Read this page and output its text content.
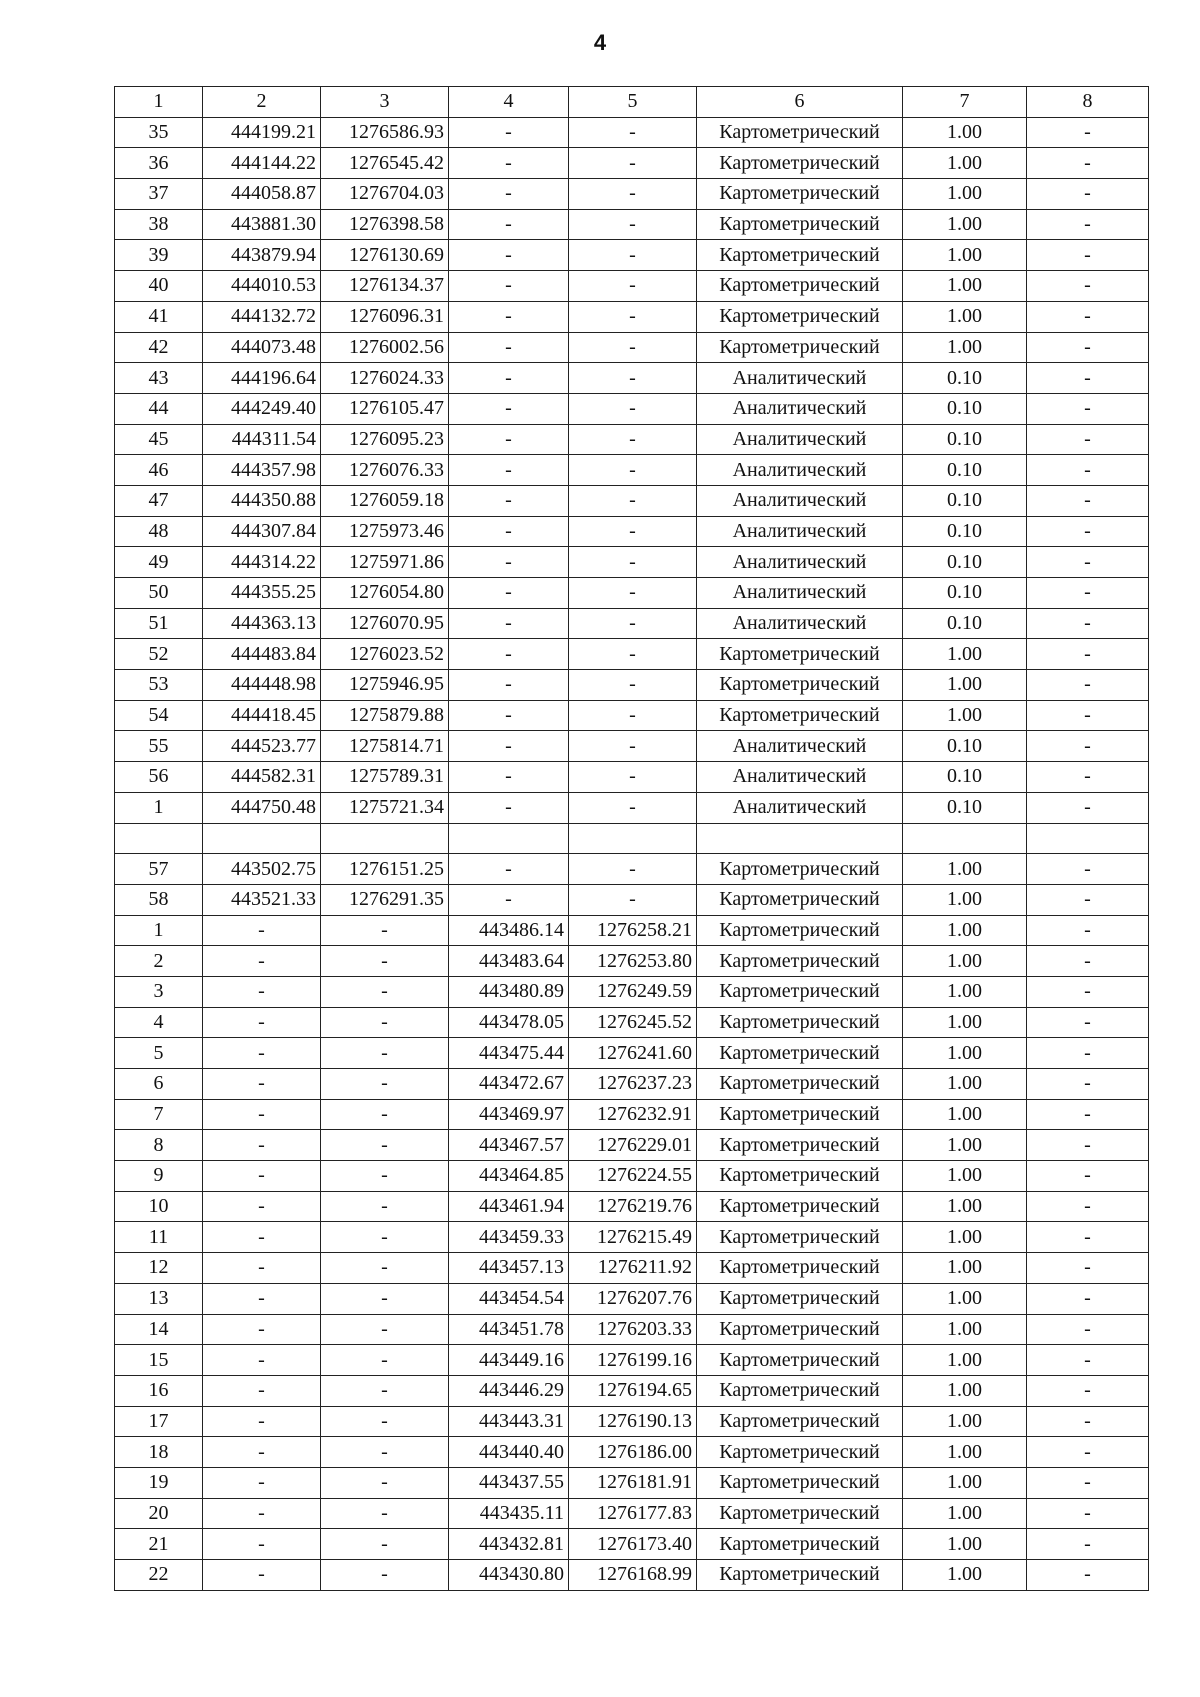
4
1	2	3	4	5	6	7	8
35	444199.21	1276586.93	-	-	Картометрический	1.00	-
36	444144.22	1276545.42	-	-	Картометрический	1.00	-
37	444058.87	1276704.03	-	-	Картометрический	1.00	-
38	443881.30	1276398.58	-	-	Картометрический	1.00	-
39	443879.94	1276130.69	-	-	Картометрический	1.00	-
40	444010.53	1276134.37	-	-	Картометрический	1.00	-
41	444132.72	1276096.31	-	-	Картометрический	1.00	-
42	444073.48	1276002.56	-	-	Картометрический	1.00	-
43	444196.64	1276024.33	-	-	Аналитический	0.10	-
44	444249.40	1276105.47	-	-	Аналитический	0.10	-
45	444311.54	1276095.23	-	-	Аналитический	0.10	-
46	444357.98	1276076.33	-	-	Аналитический	0.10	-
47	444350.88	1276059.18	-	-	Аналитический	0.10	-
48	444307.84	1275973.46	-	-	Аналитический	0.10	-
49	444314.22	1275971.86	-	-	Аналитический	0.10	-
50	444355.25	1276054.80	-	-	Аналитический	0.10	-
51	444363.13	1276070.95	-	-	Аналитический	0.10	-
52	444483.84	1276023.52	-	-	Картометрический	1.00	-
53	444448.98	1275946.95	-	-	Картометрический	1.00	-
54	444418.45	1275879.88	-	-	Картометрический	1.00	-
55	444523.77	1275814.71	-	-	Аналитический	0.10	-
56	444582.31	1275789.31	-	-	Аналитический	0.10	-
1	444750.48	1275721.34	-	-	Аналитический	0.10	-

57	443502.75	1276151.25	-	-	Картометрический	1.00	-
58	443521.33	1276291.35	-	-	Картометрический	1.00	-
1	-	-	443486.14	1276258.21	Картометрический	1.00	-
2	-	-	443483.64	1276253.80	Картометрический	1.00	-
3	-	-	443480.89	1276249.59	Картометрический	1.00	-
4	-	-	443478.05	1276245.52	Картометрический	1.00	-
5	-	-	443475.44	1276241.60	Картометрический	1.00	-
6	-	-	443472.67	1276237.23	Картометрический	1.00	-
7	-	-	443469.97	1276232.91	Картометрический	1.00	-
8	-	-	443467.57	1276229.01	Картометрический	1.00	-
9	-	-	443464.85	1276224.55	Картометрический	1.00	-
10	-	-	443461.94	1276219.76	Картометрический	1.00	-
11	-	-	443459.33	1276215.49	Картометрический	1.00	-
12	-	-	443457.13	1276211.92	Картометрический	1.00	-
13	-	-	443454.54	1276207.76	Картометрический	1.00	-
14	-	-	443451.78	1276203.33	Картометрический	1.00	-
15	-	-	443449.16	1276199.16	Картометрический	1.00	-
16	-	-	443446.29	1276194.65	Картометрический	1.00	-
17	-	-	443443.31	1276190.13	Картометрический	1.00	-
18	-	-	443440.40	1276186.00	Картометрический	1.00	-
19	-	-	443437.55	1276181.91	Картометрический	1.00	-
20	-	-	443435.11	1276177.83	Картометрический	1.00	-
21	-	-	443432.81	1276173.40	Картометрический	1.00	-
22	-	-	443430.80	1276168.99	Картометрический	1.00	-
